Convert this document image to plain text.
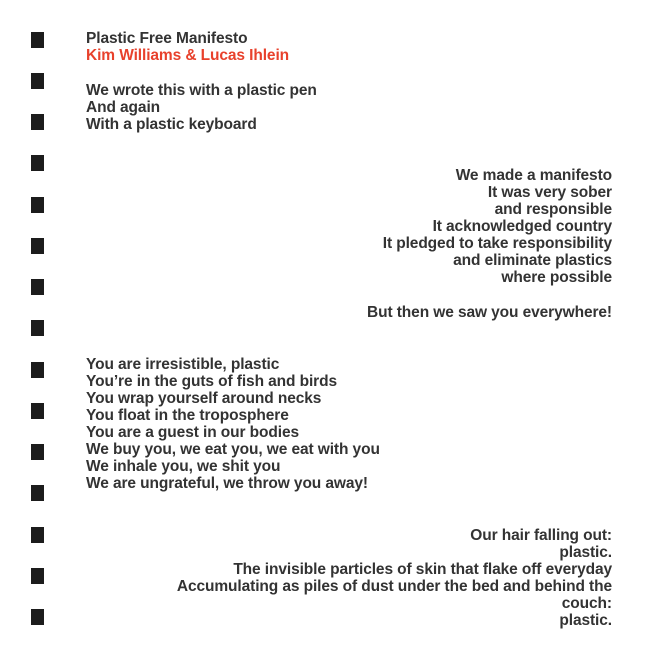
Plastic Free Manifesto
Kim Williams & Lucas Ihlein
We wrote this with a plastic pen
And again
With a plastic keyboard
We made a manifesto
It was very sober
and responsible
It acknowledged country
It pledged to take responsibility
and eliminate plastics
where possible
But then we saw you everywhere!
You are irresistible, plastic
You’re in the guts of fish and birds
You wrap yourself around necks
You float in the troposphere
You are a guest in our bodies
We buy you, we eat you, we eat with you
We inhale you, we shit you
We are ungrateful, we throw you away!
Our hair falling out:
plastic.
The invisible particles of skin that flake off everyday
Accumulating as piles of dust under the bed and behind the
couch:
plastic.
